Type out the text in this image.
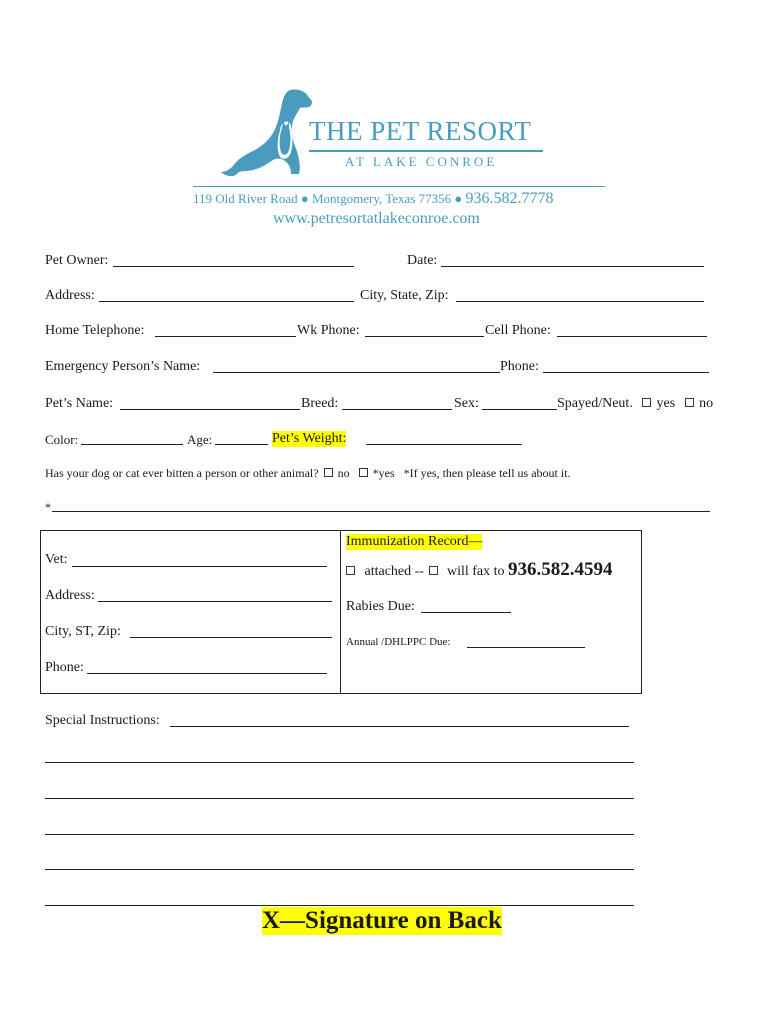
THE PET RESORT
AT LAKE CONROE
119 Old River Road ● Montgomery, Texas 77356 ● 936.582.7778
www.petresortatlakeconroe.com
Pet Owner:	Date:
Address:	City, State, Zip:
Home Telephone:	Wk Phone:	Cell Phone:
Emergency Person’s Name:	Phone:
Pet’s Name:	Breed:	Sex:	Spayed/Neut.	yes no
Color:	Age:	Pet’s Weight:
Has your dog or cat ever bitten a person or other animal? no *yes *If yes, then please tell us about it.
*
Vet:
Address:
City, ST, Zip:
Phone:
Immunization Record—
attached -- will fax to 936.582.4594
Rabies Due:
Annual /DHLPPC Due:
Special Instructions:
X—Signature on Back
